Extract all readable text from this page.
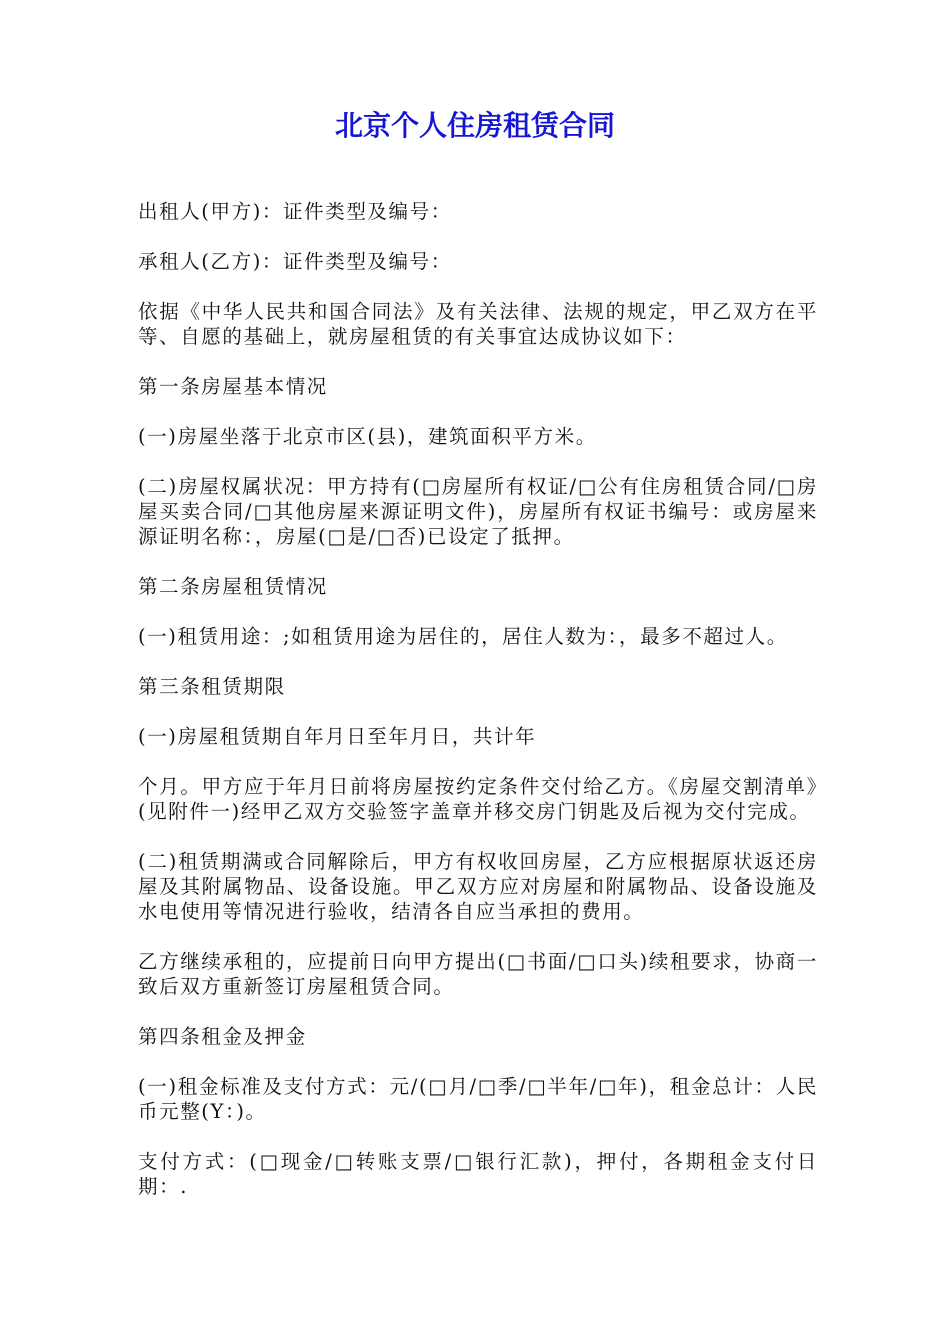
北京个人住房租赁合同

出租人(甲方)：证件类型及编号：

承租人(乙方)：证件类型及编号：

依据《中华人民共和国合同法》及有关法律、法规的规定，甲乙双方在平等、自愿的基础上，就房屋租赁的有关事宜达成协议如下：

第一条房屋基本情况

(一)房屋坐落于北京市区(县)，建筑面积平方米。

(二)房屋权属状况：甲方持有(□房屋所有权证/□公有住房租赁合同/□房屋买卖合同/□其他房屋来源证明文件)，房屋所有权证书编号：或房屋来源证明名称：，房屋(□是/□否)已设定了抵押。

第二条房屋租赁情况

(一)租赁用途：;如租赁用途为居住的，居住人数为：，最多不超过人。

第三条租赁期限

(一)房屋租赁期自年月日至年月日，共计年

个月。甲方应于年月日前将房屋按约定条件交付给乙方。《房屋交割清单》(见附件一)经甲乙双方交验签字盖章并移交房门钥匙及后视为交付完成。

(二)租赁期满或合同解除后，甲方有权收回房屋，乙方应根据原状返还房屋及其附属物品、设备设施。甲乙双方应对房屋和附属物品、设备设施及水电使用等情况进行验收，结清各自应当承担的费用。

乙方继续承租的，应提前日向甲方提出(□书面/□口头)续租要求，协商一致后双方重新签订房屋租赁合同。

第四条租金及押金

(一)租金标准及支付方式：元/(□月/□季/□半年/□年)，租金总计：人民币元整(Y：)。

支付方式：(□现金/□转账支票/□银行汇款)，押付，各期租金支付日期：.
